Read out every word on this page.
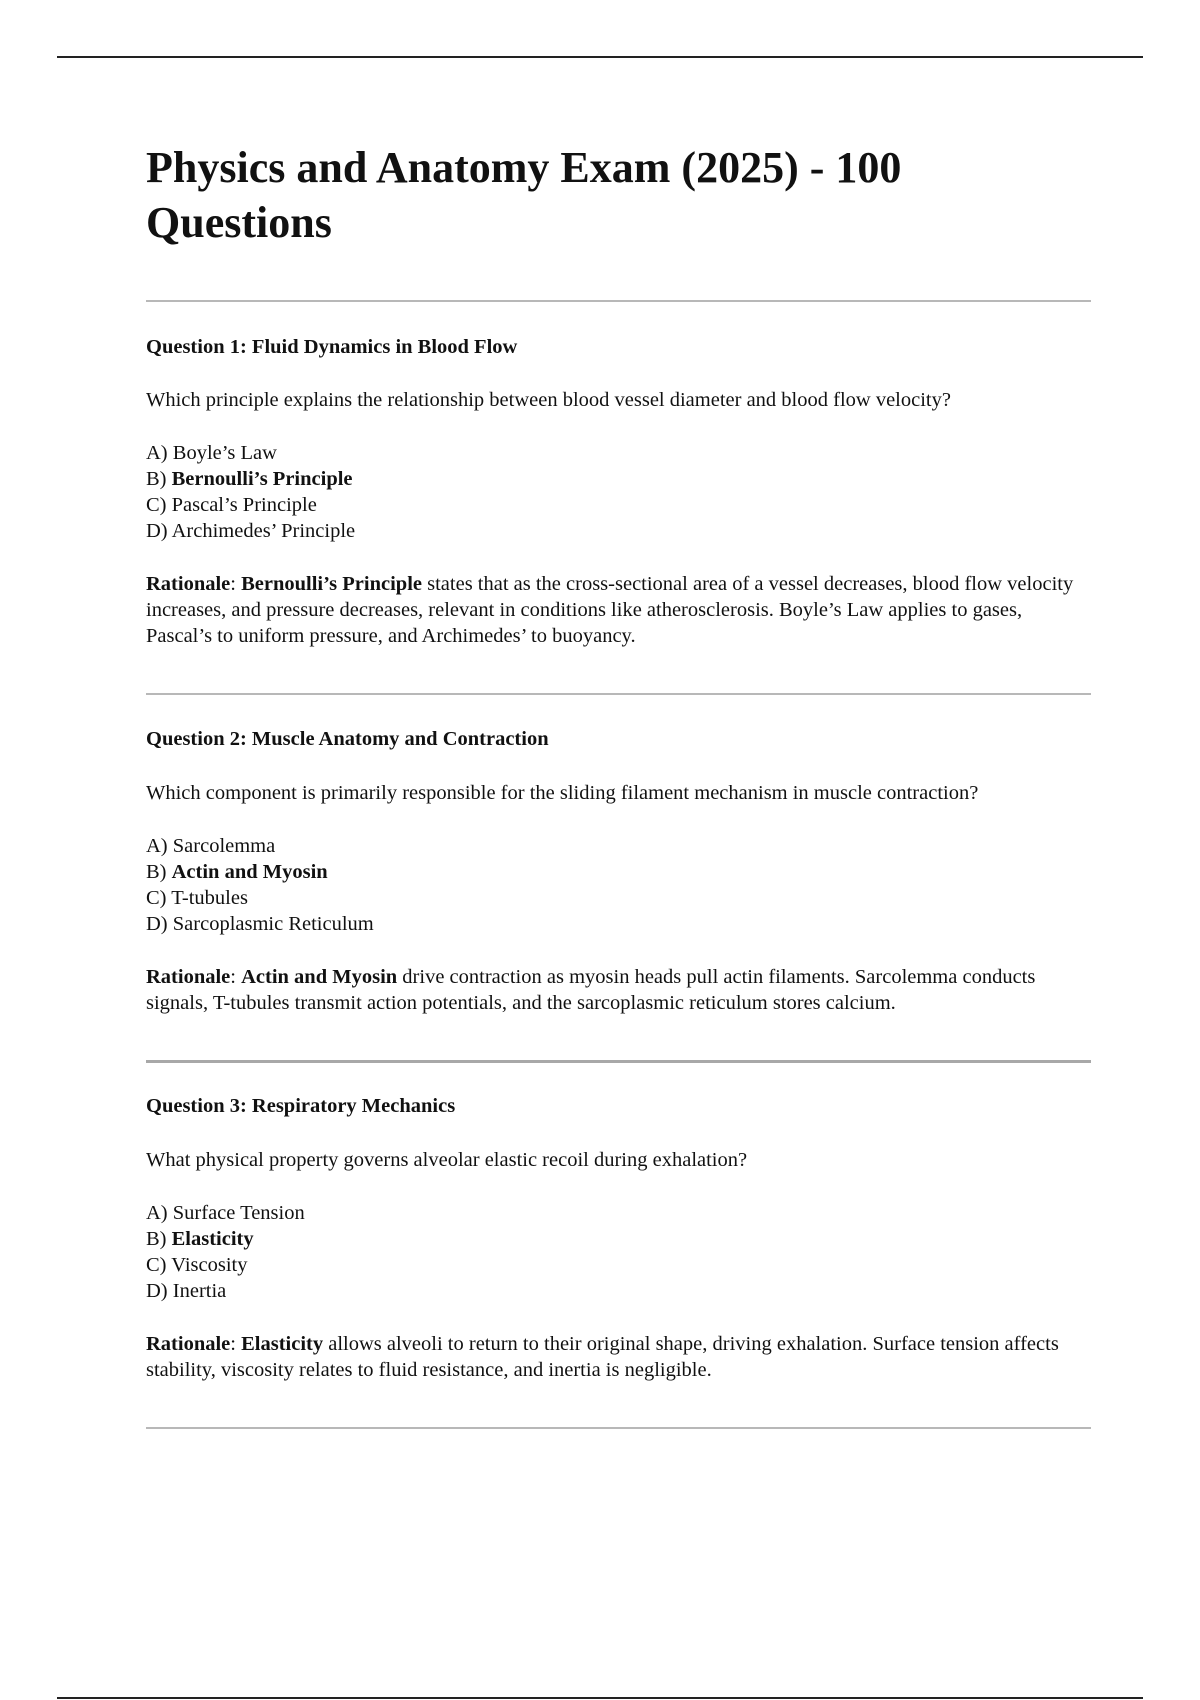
Physics and Anatomy Exam (2025) - 100 Questions

Question 1: Fluid Dynamics in Blood Flow

Which principle explains the relationship between blood vessel diameter and blood flow velocity?

A) Boyle’s Law
B) Bernoulli’s Principle
C) Pascal’s Principle
D) Archimedes’ Principle

Rationale: Bernoulli’s Principle states that as the cross-sectional area of a vessel decreases, blood flow velocity increases, and pressure decreases, relevant in conditions like atherosclerosis. Boyle’s Law applies to gases, Pascal’s to uniform pressure, and Archimedes’ to buoyancy.

Question 2: Muscle Anatomy and Contraction

Which component is primarily responsible for the sliding filament mechanism in muscle contraction?

A) Sarcolemma
B) Actin and Myosin
C) T-tubules
D) Sarcoplasmic Reticulum

Rationale: Actin and Myosin drive contraction as myosin heads pull actin filaments. Sarcolemma conducts signals, T-tubules transmit action potentials, and the sarcoplasmic reticulum stores calcium.

Question 3: Respiratory Mechanics

What physical property governs alveolar elastic recoil during exhalation?

A) Surface Tension
B) Elasticity
C) Viscosity
D) Inertia

Rationale: Elasticity allows alveoli to return to their original shape, driving exhalation. Surface tension affects stability, viscosity relates to fluid resistance, and inertia is negligible.
